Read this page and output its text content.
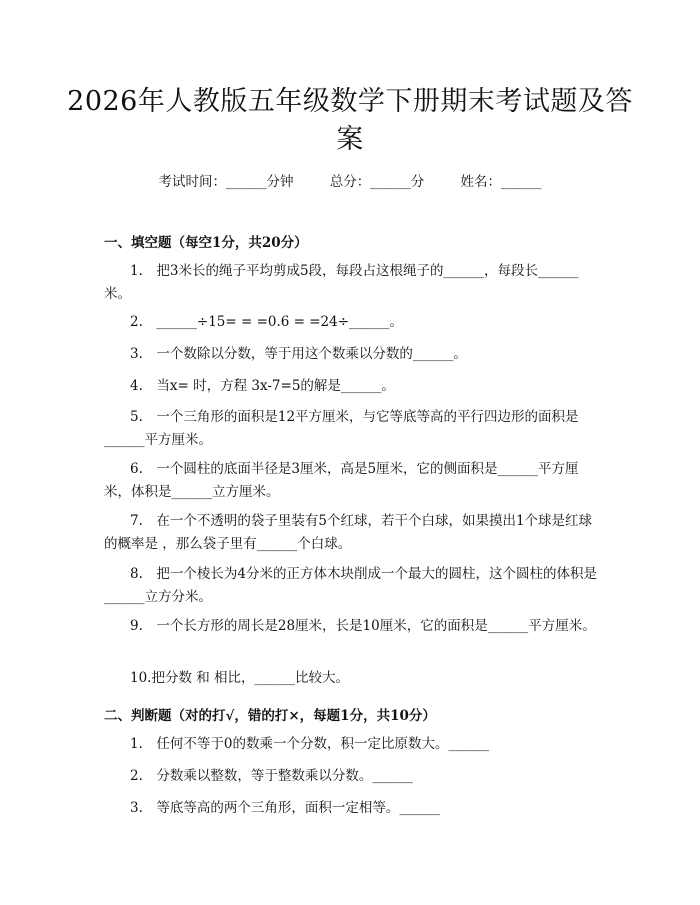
2026年人教版五年级数学下册期末考试题及答案
考试时间：______分钟	总分：______分	姓名：______
一、填空题（每空1分，共20分）
1.　把3米长的绳子平均剪成5段，每段占这根绳子的______，每段长______米。
2.　______÷15= = =0.6 = =24÷______。
3.　一个数除以分数，等于用这个数乘以分数的______。
4.　当x= 时，方程 3x-7=5的解是______。
5.　一个三角形的面积是12平方厘米，与它等底等高的平行四边形的面积是______平方厘米。
6.　一个圆柱的底面半径是3厘米，高是5厘米，它的侧面积是______平方厘米，体积是______立方厘米。
7.　在一个不透明的袋子里装有5个红球，若干个白球，如果摸出1个球是红球的概率是 ，那么袋子里有______个白球。
8.　把一个棱长为4分米的正方体木块削成一个最大的圆柱，这个圆柱的体积是______立方分米。
9.　一个长方形的周长是28厘米，长是10厘米，它的面积是______平方厘米。
10.把分数 和 相比，______比较大。
二、判断题（对的打√，错的打×，每题1分，共10分）
1.　任何不等于0的数乘一个分数，积一定比原数大。______
2.　分数乘以整数，等于整数乘以分数。______
3.　等底等高的两个三角形，面积一定相等。______
